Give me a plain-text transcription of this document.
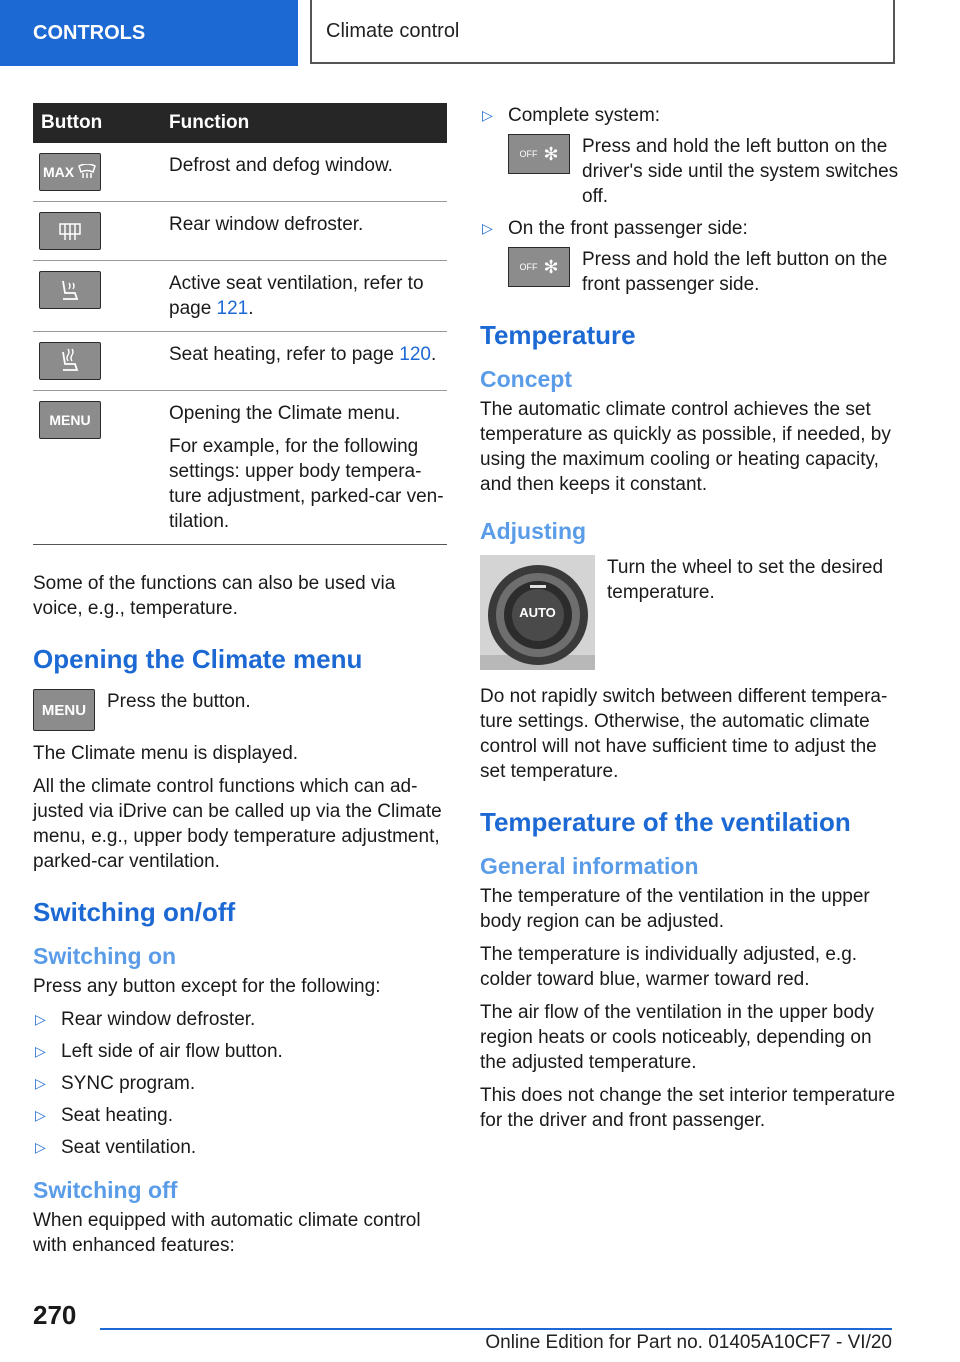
CONTROLS	Climate control
Button	Function

MAX	Defrost and defog window.

Rear window defroster.

Active seat ventilation, refer to page 121.

Seat heating, refer to page 120.

MENU	Opening the Climate menu.

For example, for the following settings: upper body temperature adjustment, parked-car ventilation.

Some of the functions can also be used via voice, e.g., temperature.

Opening the Climate menu
MENU Press the button.

The Climate menu is displayed.

All the climate control functions which can adjusted via iDrive can be called up via the Climate menu, e.g., upper body temperature adjustment, parked-car ventilation.

Switching on/off
Switching on

Press any button except for the following:

▷ Rear window defroster.
▷ Left side of air flow button.
▷ SYNC program.
▷ Seat heating.
▷ Seat ventilation.
Switching off

When equipped with automatic climate control with enhanced features:

▷ Complete system:
OFF ✻ Press and hold the left button on the driver's side until the system switches off.
▷ On the front passenger side:
OFF ✻ Press and hold the left button on the front passenger side.
Temperature
Concept

The automatic climate control achieves the set temperature as quickly as possible, if needed, by using the maximum cooling or heating capacity, and then keeps it constant.

Adjusting
AUTO
Turn the wheel to set the desired temperature.

Do not rapidly switch between different temperature settings. Otherwise, the automatic climate control will not have sufficient time to adjust the set temperature.

Temperature of the ventilation
General information

The temperature of the ventilation in the upper body region can be adjusted.

The temperature is individually adjusted, e.g. colder toward blue, warmer toward red.

The air flow of the ventilation in the upper body region heats or cools noticeably, depending on the adjusted temperature.

This does not change the set interior temperature for the driver and front passenger.

270
Online Edition for Part no. 01405A10CF7 - VI/20
